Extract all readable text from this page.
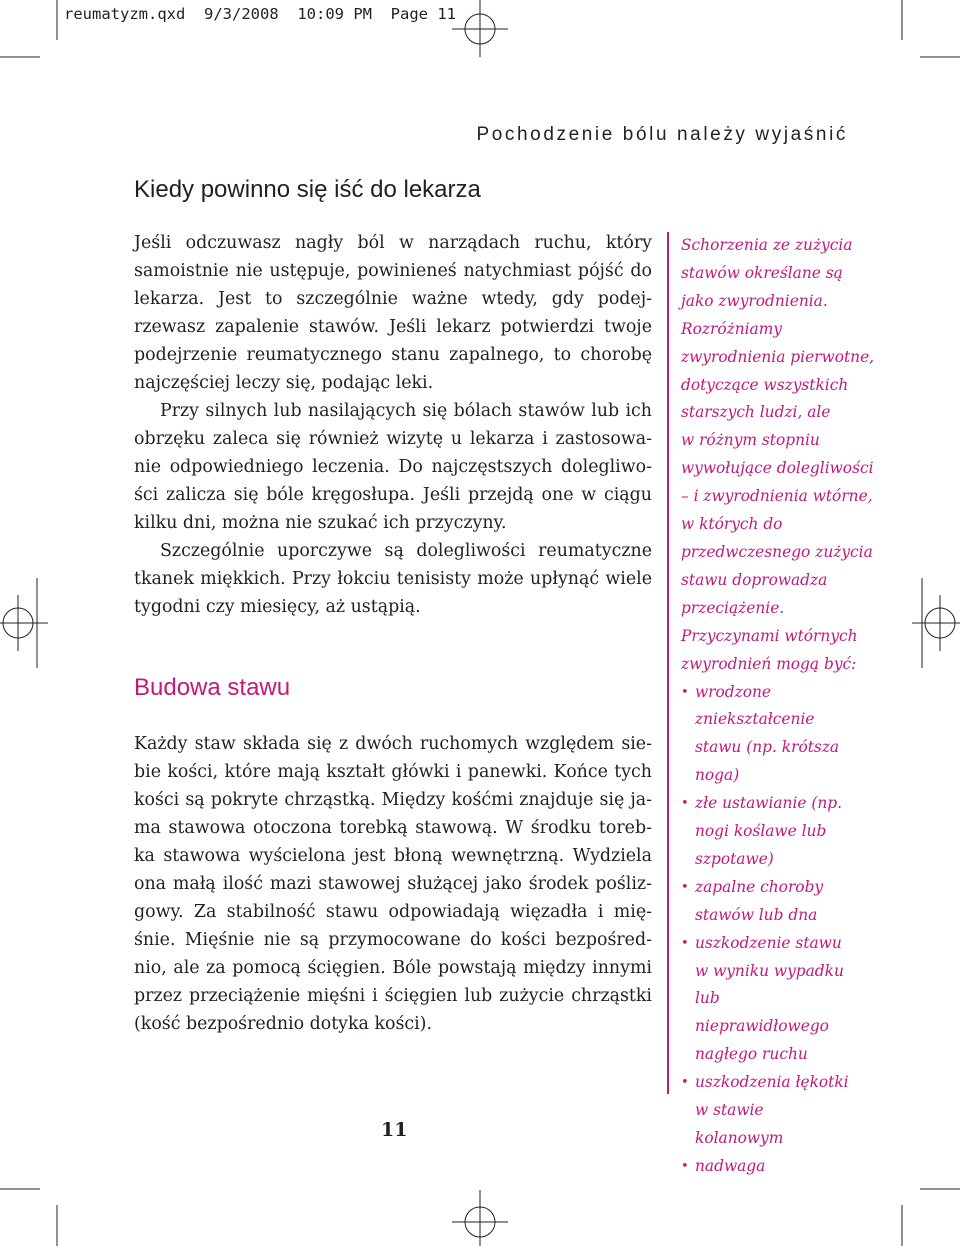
reumatyzm.qxd 9/3/2008 10:09 PM Page 11
Pochodzenie bólu należy wyjaśnić
Kiedy powinno się iść do lekarza

Jeśli odczuwasz nagły ból w narządach ruchu, który samoistnie nie ustępuje, powinieneś natychmiast pójść do lekarza. Jest to szczególnie ważne wtedy, gdy podejrzewasz zapalenie stawów. Jeśli lekarz potwierdzi twoje podejrzenie reumatycznego stanu zapalnego, to chorobę najczęściej leczy się, podając leki.

Przy silnych lub nasilających się bólach stawów lub ich obrzęku zaleca się również wizytę u lekarza i zastosowanie odpowiedniego leczenia. Do najczęstszych dolegliwości zalicza się bóle kręgosłupa. Jeśli przejdą one w ciągu kilku dni, można nie szukać ich przyczyny.

Szczególnie uporczywe są dolegliwości reumatyczne tkanek miękkich. Przy łokciu tenisisty może upłynąć wiele tygodni czy miesięcy, aż ustąpią.

Budowa stawu

Każdy staw składa się z dwóch ruchomych względem siebie kości, które mają kształt główki i panewki. Końce tych kości są pokryte chrząstką. Między kośćmi znajduje się jama stawowa otoczona torebką stawową. W środku torebka stawowa wyścielona jest błoną wewnętrzną. Wydziela ona małą ilość mazi stawowej służącej jako środek poślizgowy. Za stabilność stawu odpowiadają więzadła i mięśnie. Mięśnie nie są przymocowane do kości bezpośrednio, ale za pomocą ścięgien. Bóle powstają między innymi przez przeciążenie mięśni i ścięgien lub zużycie chrząstki (kość bezpośrednio dotyka kości).

Schorzenia ze zużycia
stawów określane są
jako zwyrodnienia.
Rozróżniamy
zwyrodnienia pierwotne,
dotyczące wszystkich
starszych ludzi, ale
w różnym stopniu
wywołujące dolegliwości
– i zwyrodnienia wtórne,
w których do
przedwczesnego zużycia
stawu doprowadza
przeciążenie.
Przyczynami wtórnych
zwyrodnień mogą być:
• wrodzone zniekształcenie stawu (np. krótsza noga)
• złe ustawianie (np. nogi koślawe lub szpotawe)
• zapalne choroby stawów lub dna
• uszkodzenie stawu w wyniku wypadku lub nieprawidłowego nagłego ruchu
• uszkodzenia łękotki w stawie kolanowym
• nadwaga
11
